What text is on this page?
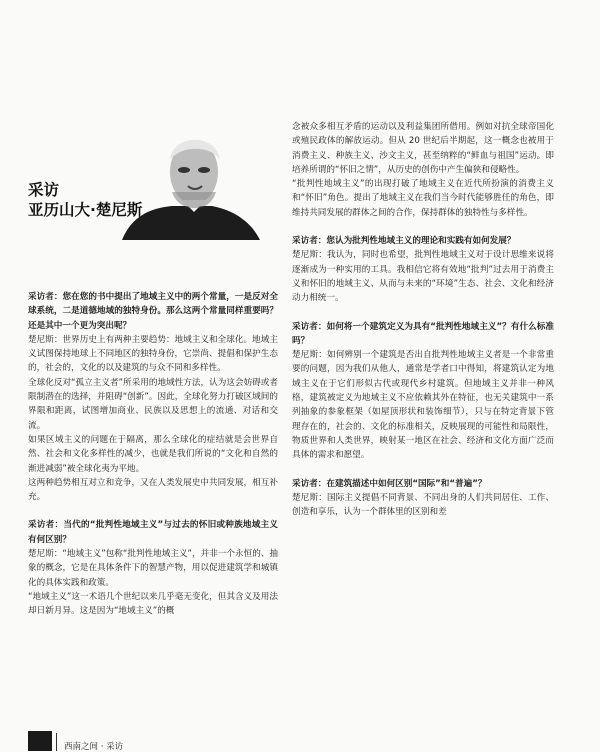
采访
亚历山大·楚尼斯

采访者：您在您的书中提出了地域主义中的两个常量，一是反对全球系统，二是道德地域的独特身份。那么这两个常量同样重要吗？还是其中一个更为突出呢？

楚尼斯：世界历史上有两种主要趋势：地域主义和全球化。地域主义试图保持地球上不同地区的独特身份，它崇尚、提倡和保护生态的，社会的，文化的以及建筑的与众不同和多样性。

全球化反对“孤立主义者”所采用的地域性方法，认为这会妨碍或者限制潜在的选择，并阻碍“创新”。因此，全球化努力打破区域间的界限和距离，试图增加商业、民族以及思想上的流通、对话和交流。

如果区域主义的问题在于隔离，那么全球化的症结就是会世界自然、社会和文化多样性的减少，也就是我们所说的“文化和自然的渐进减弱”被全球化夷为平地。

这两种趋势相互对立和竞争，又在人类发展史中共同发展，相互补充。

采访者：当代的“批判性地域主义”与过去的怀旧或种族地域主义有何区别？

楚尼斯：“地域主义”包称“批判性地域主义”，并非一个永恒的、抽象的概念，它是在具体条件下的智慧产物，用以促进建筑学和城镇化的具体实践和政策。

“地域主义”这一术语几个世纪以来几乎毫无变化，但其含义及用法却日新月异。这是因为“地域主义”的概

念被众多相互矛盾的运动以及利益集团所借用。例如对抗全球帝国化或殖民政体的解放运动。但从 20 世纪后半期起，这一概念也被用于消费主义、种族主义、沙文主义，甚至纳粹的“鲜血与祖国”运动。即培养所谓的“怀旧之情”，从历史的创伤中产生偏狭和侵略性。

“批判性地域主义”的出现打破了地域主义在近代所扮演的消费主义和“怀旧”角色。提出了地域主义在我们当今时代能够胜任的角色，即维持共同发展的群体之间的合作，保持群体的独特性与多样性。

采访者：您认为批判性地域主义的理论和实践有如何发展？

楚尼斯：我认为，同时也希望，批判性地域主义对于设计思维来说将逐渐成为一种实用的工具。我相信它将有效地“批判”过去用于消费主义和怀旧的地域主义、从而与未来的“环境”生态、社会、文化和经济动力相统一。

采访者：如何将一个建筑定义为具有“批判性地域主义”？有什么标准吗？

楚尼斯：如何辨别一个建筑是否出自批判性地域主义者是一个非常重要的问题，因为我们从他人，通常是学者口中得知，将建筑认定为地域主义在于它们形似古代或现代乡村建筑。但地域主义并非一种风格，建筑被定义为地域主义不应依赖其外在特征，也无关建筑中一系列抽象的参象框架（如屋顶形状和装饰细节），只与在特定背景下管理存在的，社会的、文化的标准相关，反映展现的可能性和局限性，物质世界和人类世界，映射某一地区在社会、经济和文化方面广泛而具体的需求和愿望。

采访者：在建筑描述中如何区别“国际”和“普遍”？

楚尼斯：国际主义提倡不同背景、不同出身的人们共同居住、工作、创造和享乐，认为一个群体里的区别和差

西南之间 · 采访
